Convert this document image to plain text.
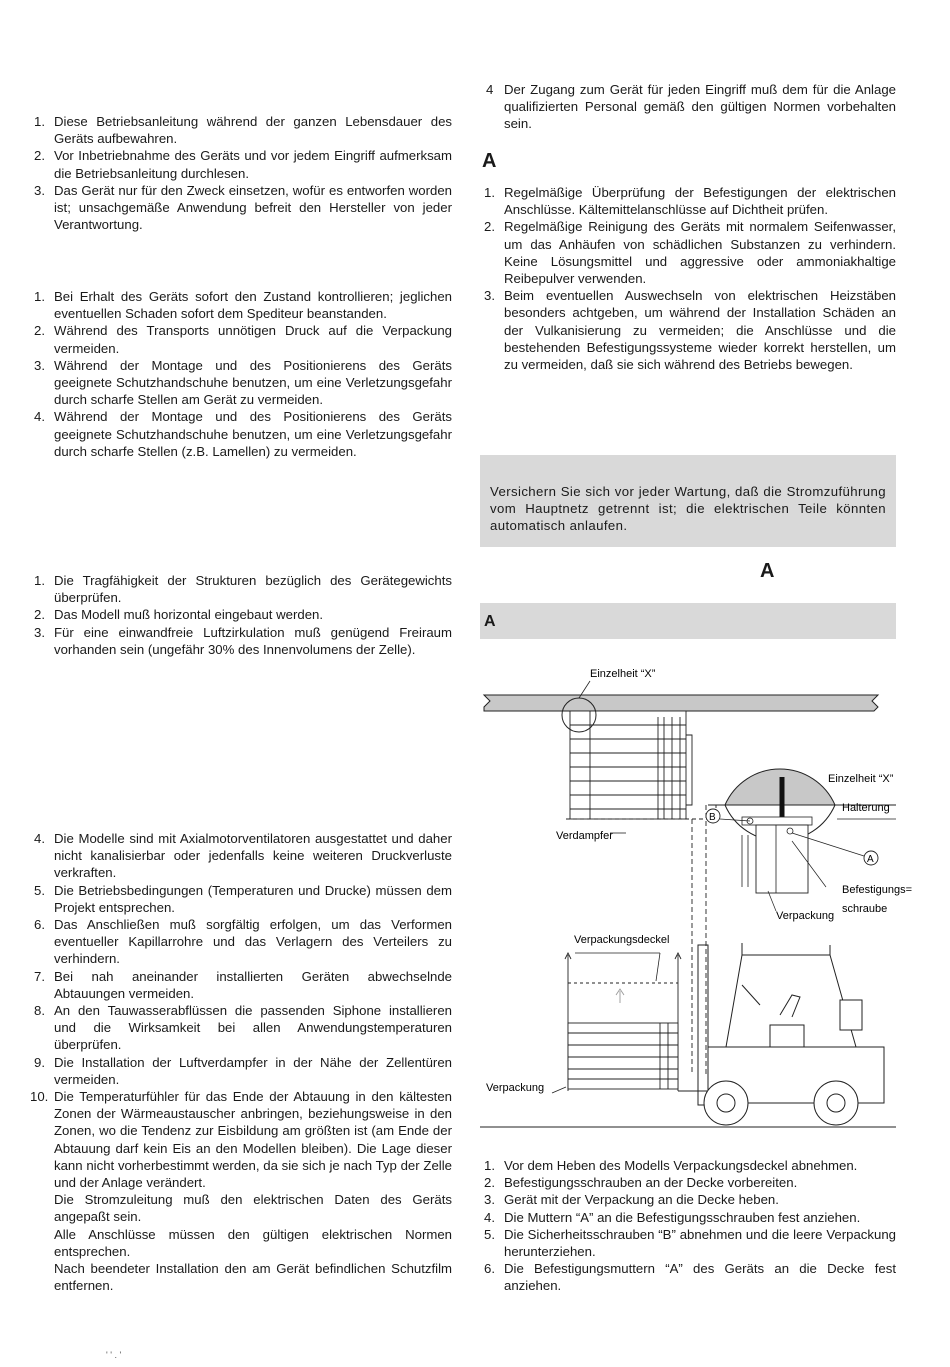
1. Diese Betriebsanleitung während der ganzen Lebensdauer des Geräts aufbewahren.
2. Vor Inbetriebnahme des Geräts und vor jedem Eingriff aufmerksam die Betriebsanleitung durchlesen.
3. Das Gerät nur für den Zweck einsetzen, wofür es entworfen worden ist; unsachgemäße Anwendung befreit den Hersteller von jeder Verantwortung.
1. Bei Erhalt des Geräts sofort den Zustand kontrollieren; jeglichen eventuellen Schaden sofort dem Spediteur beanstanden.
2. Während des Transports unnötigen Druck auf die Verpackung vermeiden.
3. Während der Montage und des Positionierens des Geräts geeignete Schutzhandschuhe benutzen, um eine Verletzungsgefahr durch scharfe Stellen am Gerät zu vermeiden.
4. Während der Montage und des Positionierens des Geräts geeignete Schutzhandschuhe benutzen, um eine Verletzungsgefahr durch scharfe Stellen (z.B. Lamellen) zu vermeiden.
1. Die Tragfähigkeit der Strukturen bezüglich des Gerätegewichts überprüfen.
2. Das Modell muß horizontal eingebaut werden.
3. Für eine einwandfreie Luftzirkulation muß genügend Freiraum vorhanden sein (ungefähr 30% des Innenvolumens der Zelle).
4. Die Modelle sind mit Axialmotorventilatoren ausgestattet und daher nicht kanalisierbar oder jedenfalls keine weiteren Druckverluste verkraften.
5. Die Betriebsbedingungen (Temperaturen und Drucke) müssen dem Projekt entsprechen.
6. Das Anschließen muß sorgfältig erfolgen, um das Verformen eventueller Kapillarrohre und das Verlagern des Verteilers zu verhindern.
7. Bei nah aneinander installierten Geräten abwechselnde Abtauungen vermeiden.
8. An den Tauwasserabflüssen die passenden Siphone installieren und die Wirksamkeit bei allen Anwendungstemperaturen überprüfen.
9. Die Installation der Luftverdampfer in der Nähe der Zellentüren vermeiden.
10. Die Temperaturfühler für das Ende der Abtauung in den kältesten Zonen der Wärmeaustauscher anbringen, beziehungsweise in den Zonen, wo die Tendenz zur Eisbildung am größten ist (am Ende der Abtauung darf kein Eis an den Modellen bleiben). Die Lage dieser kann nicht vorherbestimmt werden, da sie sich je nach Typ der Zelle und der Anlage verändert.
Die Stromzuleitung muß den elektrischen Daten des Geräts angepaßt sein.
Alle Anschlüsse müssen den gültigen elektrischen Normen entsprechen.
Nach beendeter Installation den am Gerät befindlichen Schutzfilm entfernen.
' ' . '
4 Der Zugang zum Gerät für jeden Eingriff muß dem für die Anlage qualifizierten Personal gemäß den gültigen Normen vorbehalten sein.
A
1. Regelmäßige Überprüfung der Befestigungen der elektrischen Anschlüsse. Kältemittelanschlüsse auf Dichtheit prüfen.
2. Regelmäßige Reinigung des Geräts mit normalem Seifenwasser, um das Anhäufen von schädlichen Substanzen zu verhindern. Keine Lösungsmittel und aggressive oder ammoniakhaltige Reibepulver verwenden.
3. Beim eventuellen Auswechseln von elektrischen Heizstäben besonders achtgeben, um während der Installation Schäden an der Vulkanisierung zu vermeiden; die Anschlüsse und die bestehenden Befestigungssysteme wieder korrekt herstellen, um zu vermeiden, daß sie sich während des Betriebs bewegen.
Versichern Sie sich vor jeder Wartung, daß die Stromzuführung vom Hauptnetz getrennt ist; die elektrischen Teile könnten automatisch anlaufen.
A
A
Einzelheit “X”
Verdampfer
Einzelheit “X”
Halterung
B
A
Befestigungs=
schraube
Verpackung
Verpackungsdeckel
Verpackung
1. Vor dem Heben des Modells Verpackungsdeckel abnehmen.
2. Befestigungsschrauben an der Decke vorbereiten.
3. Gerät mit der Verpackung an die Decke heben.
4. Die Muttern “A” an die Befestigungsschrauben fest anziehen.
5. Die Sicherheitsschrauben “B” abnehmen und die leere Verpackung herunterziehen.
6. Die Befestigungsmuttern “A” des Geräts an die Decke fest anziehen.
